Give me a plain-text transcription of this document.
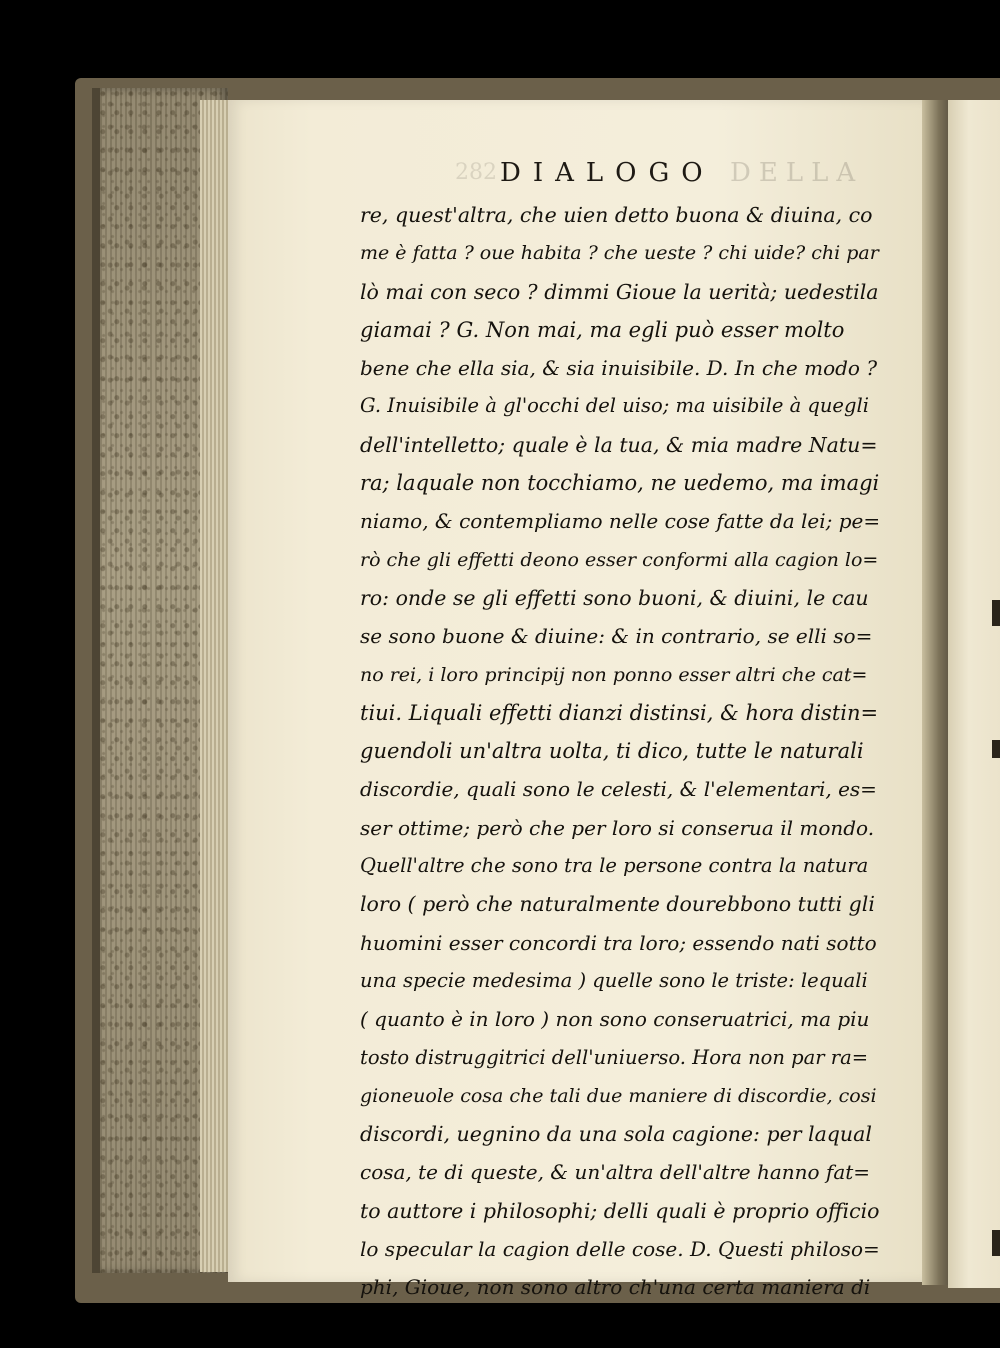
282 DIALOGO DELLA
re, quest'altra, che uien detto buona & diuina, co
me è fatta ? oue habita ? che ueste ? chi uide? chi par
lò mai con seco ? dimmi Gioue la uerità; uedestila
giamai ? G. Non mai, ma egli può esser molto
bene che ella sia, & sia inuisibile. D. In che modo ?
G. Inuisibile à gl'occhi del uiso; ma uisibile à quegli
dell'intelletto; quale è la tua, & mia madre Natu=
ra; laquale non tocchiamo, ne uedemo, ma imagi
niamo, & contempliamo nelle cose fatte da lei; pe=
rò che gli effetti deono esser conformi alla cagion lo=
ro: onde se gli effetti sono buoni, & diuini, le cau
se sono buone & diuine: & in contrario, se elli so=
no rei, i loro principij non ponno esser altri che cat=
tiui. Liquali effetti dianzi distinsi, & hora distin=
guendoli un'altra uolta, ti dico, tutte le naturali
discordie, quali sono le celesti, & l'elementari, es=
ser ottime; però che per loro si conserua il mondo.
Quell'altre che sono tra le persone contra la natura
loro ( però che naturalmente dourebbono tutti gli
huomini esser concordi tra loro; essendo nati sotto
una specie medesima ) quelle sono le triste: lequali
( quanto è in loro ) non sono conseruatrici, ma piu
tosto distruggitrici dell'uniuerso. Hora non par ra=
gioneuole cosa che tali due maniere di discordie, cosi
discordi, uegnino da una sola cagione: per laqual
cosa, te di queste, & un'altra dell'altre hanno fat=
to auttore i philosophi; delli quali è proprio officio
lo specular la cagion delle cose. D. Questi philoso=
phi, Gioue, non sono altro ch'una certa maniera di
